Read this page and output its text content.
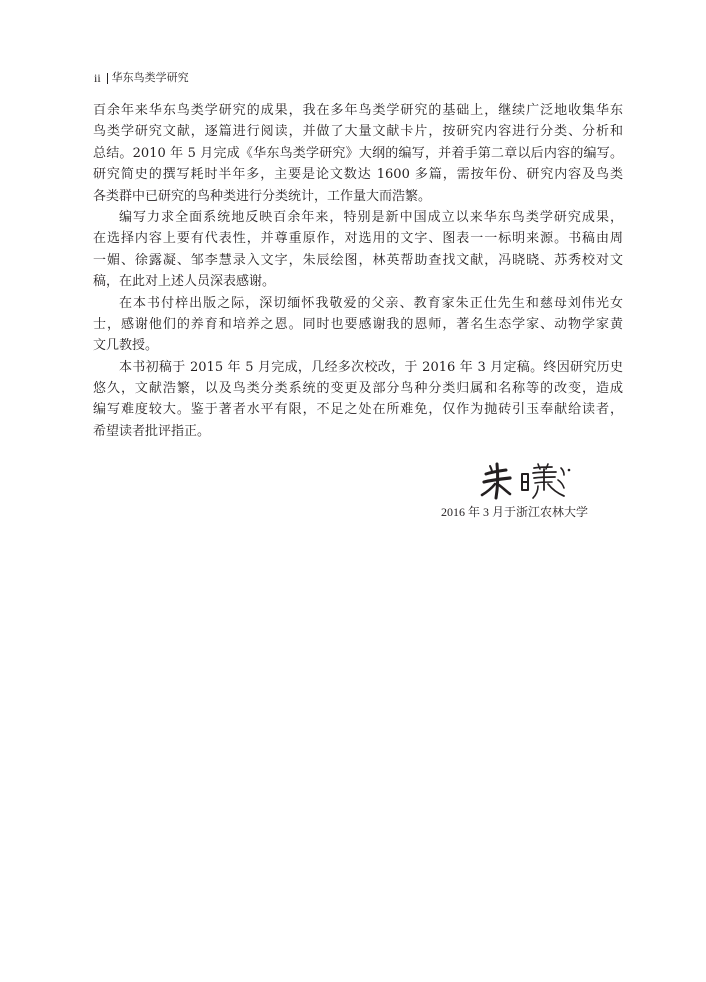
ii 华东鸟类学研究
百余年来华东鸟类学研究的成果，我在多年鸟类学研究的基础上，继续广泛地收集华东
鸟类学研究文献，逐篇进行阅读，并做了大量文献卡片，按研究内容进行分类、分析和
总结。2010 年 5 月完成《华东鸟类学研究》大纲的编写，并着手第二章以后内容的编写。
研究简史的撰写耗时半年多，主要是论文数达 1600 多篇，需按年份、研究内容及鸟类
各类群中已研究的鸟种类进行分类统计，工作量大而浩繁。
编写力求全面系统地反映百余年来，特别是新中国成立以来华东鸟类学研究成果，
在选择内容上要有代表性，并尊重原作，对选用的文字、图表一一标明来源。书稿由周
一媚、徐露凝、邹李慧录入文字，朱辰绘图，林英帮助查找文献，冯晓晓、苏秀校对文
稿，在此对上述人员深表感谢。
在本书付梓出版之际，深切缅怀我敬爱的父亲、教育家朱正仕先生和慈母刘伟光女
士，感谢他们的养育和培养之恩。同时也要感谢我的恩师，著名生态学家、动物学家黄
文几教授。
本书初稿于 2015 年 5 月完成，几经多次校改，于 2016 年 3 月定稿。终因研究历史
悠久，文献浩繁，以及鸟类分类系统的变更及部分鸟种分类归属和名称等的改变，造成
编写难度较大。鉴于著者水平有限，不足之处在所难免，仅作为抛砖引玉奉献给读者，
希望读者批评指正。
2016 年 3 月于浙江农林大学
